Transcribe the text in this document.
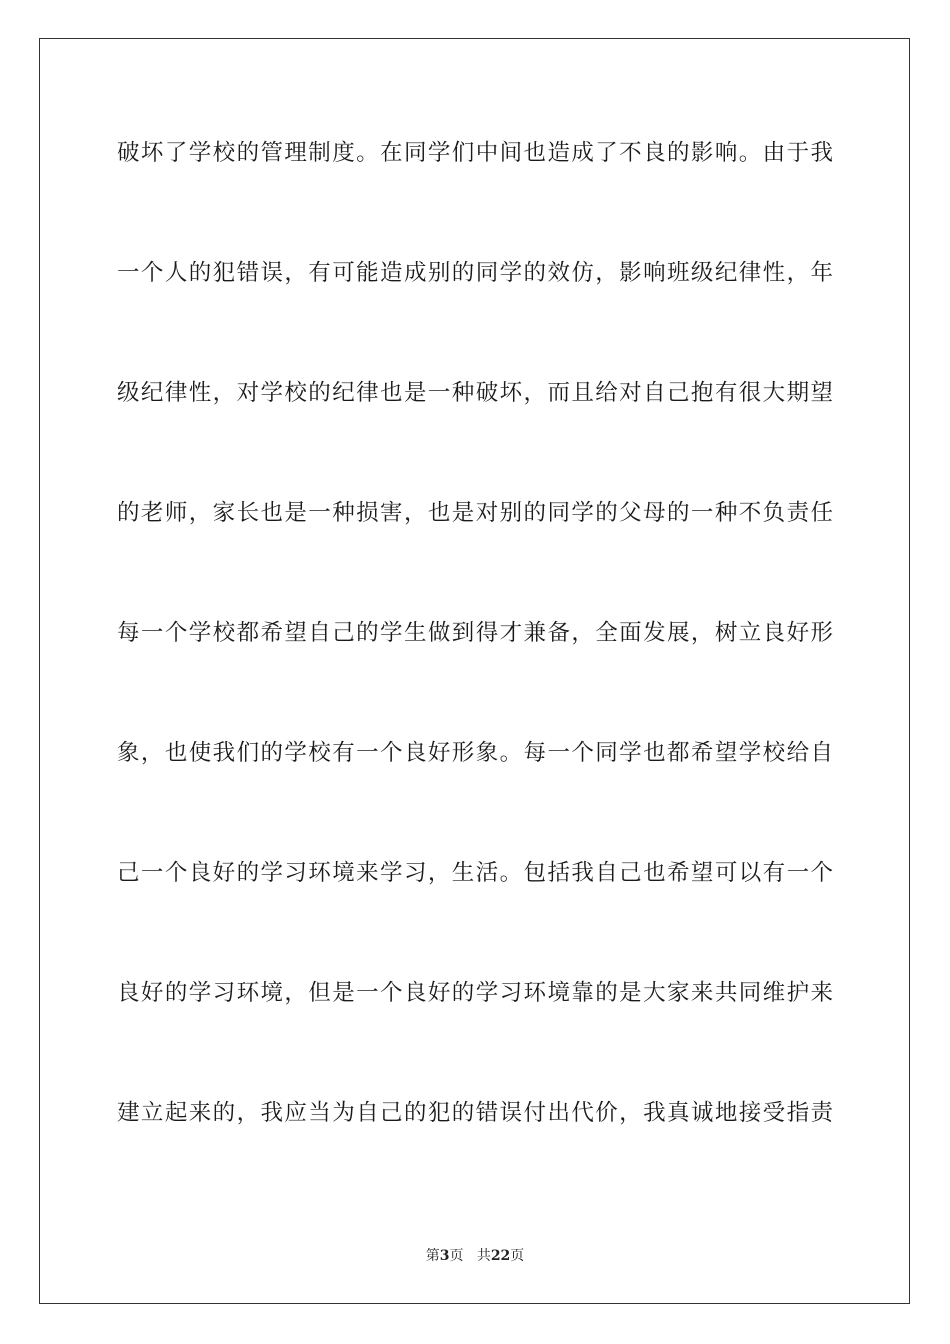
破坏了学校的管理制度。在同学们中间也造成了不良的影响。由于我
一个人的犯错误，有可能造成别的同学的效仿，影响班级纪律性，年
级纪律性，对学校的纪律也是一种破坏，而且给对自己抱有很大期望
的老师，家长也是一种损害，也是对别的同学的父母的一种不负责任
每一个学校都希望自己的学生做到得才兼备，全面发展，树立良好形
象，也使我们的学校有一个良好形象。每一个同学也都希望学校给自
己一个良好的学习环境来学习，生活。包括我自己也希望可以有一个
良好的学习环境，但是一个良好的学习环境靠的是大家来共同维护来
建立起来的，我应当为自己的犯的错误付出代价，我真诚地接受指责
第3页 共22页
